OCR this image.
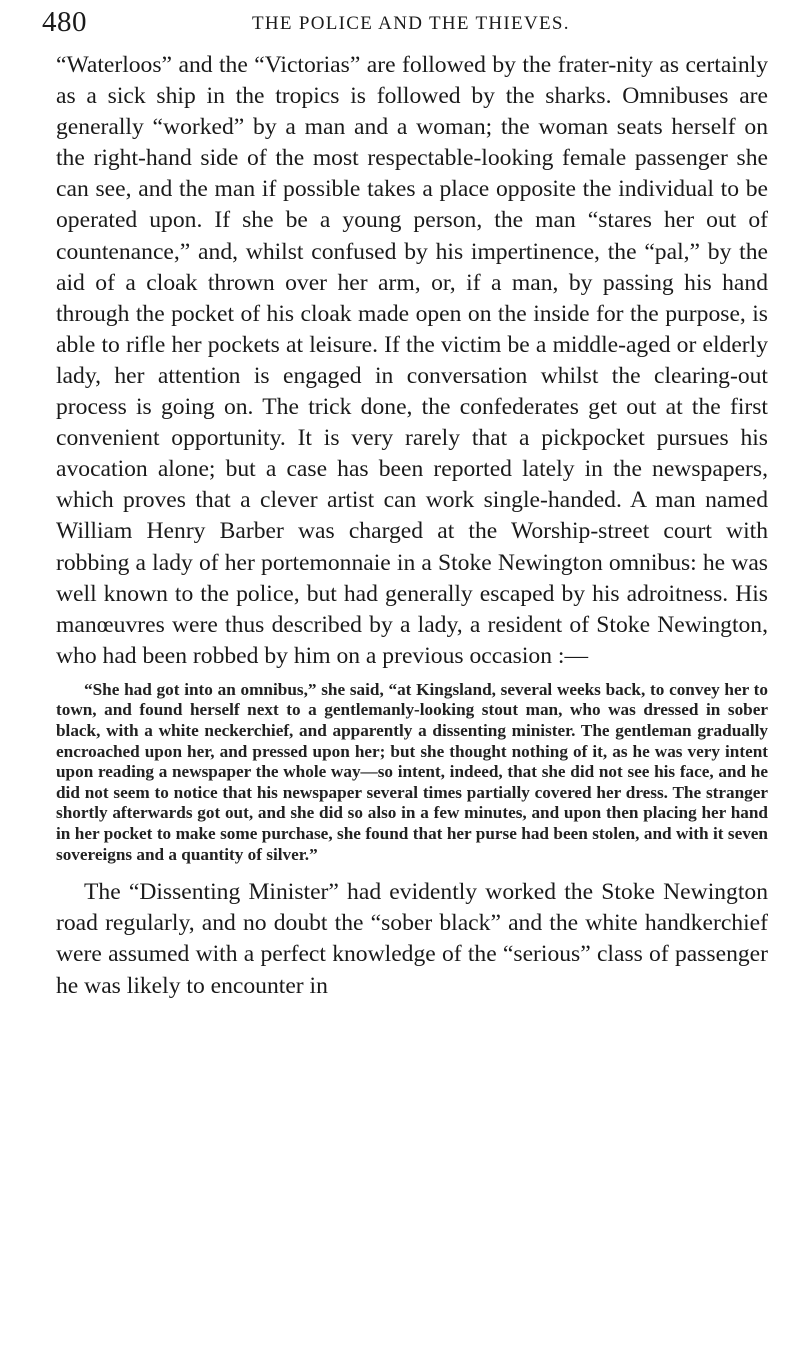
480	THE POLICE AND THE THIEVES.

“Waterloos” and the “Victorias” are followed by the frater-nity as certainly as a sick ship in the tropics is followed by the sharks. Omnibuses are generally “worked” by a man and a woman; the woman seats herself on the right-hand side of the most respectable-looking female passenger she can see, and the man if possible takes a place opposite the individual to be operated upon. If she be a young person, the man “stares her out of countenance,” and, whilst confused by his impertinence, the “pal,” by the aid of a cloak thrown over her arm, or, if a man, by passing his hand through the pocket of his cloak made open on the inside for the purpose, is able to rifle her pockets at leisure. If the victim be a middle-aged or elderly lady, her attention is engaged in conversation whilst the clearing-out process is going on. The trick done, the confederates get out at the first convenient opportunity. It is very rarely that a pickpocket pursues his avocation alone; but a case has been reported lately in the newspapers, which proves that a clever artist can work single-handed. A man named William Henry Barber was charged at the Worship-street court with robbing a lady of her portemonnaie in a Stoke Newington omnibus: he was well known to the police, but had generally escaped by his adroitness. His manœuvres were thus described by a lady, a resident of Stoke Newington, who had been robbed by him on a previous occasion :—

“She had got into an omnibus,” she said, “at Kingsland, several weeks back, to convey her to town, and found herself next to a gentlemanly-looking stout man, who was dressed in sober black, with a white neckerchief, and apparently a dissenting minister. The gentleman gradually encroached upon her, and pressed upon her; but she thought nothing of it, as he was very intent upon reading a newspaper the whole way—so intent, indeed, that she did not see his face, and he did not seem to notice that his newspaper several times partially covered her dress. The stranger shortly afterwards got out, and she did so also in a few minutes, and upon then placing her hand in her pocket to make some purchase, she found that her purse had been stolen, and with it seven sovereigns and a quantity of silver.”

The “Dissenting Minister” had evidently worked the Stoke Newington road regularly, and no doubt the “sober black” and the white handkerchief were assumed with a perfect knowledge of the “serious” class of passenger he was likely to encounter in
